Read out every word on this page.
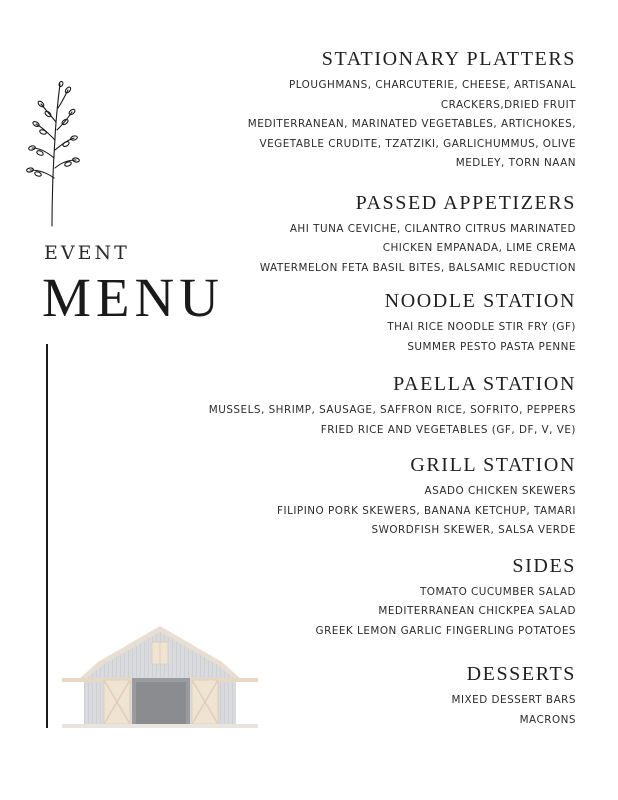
EVENT
MENU
STATIONARY PLATTERS
PLOUGHMANS, CHARCUTERIE, CHEESE, ARTISANAL
CRACKERS,DRIED FRUIT
MEDITERRANEAN, MARINATED VEGETABLES, ARTICHOKES,
VEGETABLE CRUDITE, TZATZIKI, GARLICHUMMUS, OLIVE
MEDLEY, TORN NAAN
PASSED APPETIZERS
AHI TUNA CEVICHE, CILANTRO CITRUS MARINATED
CHICKEN EMPANADA, LIME CREMA
WATERMELON FETA BASIL BITES, BALSAMIC REDUCTION
NOODLE STATION
THAI RICE NOODLE STIR FRY (GF)
SUMMER PESTO PASTA PENNE
PAELLA STATION
MUSSELS, SHRIMP, SAUSAGE, SAFFRON RICE, SOFRITO, PEPPERS
FRIED RICE AND VEGETABLES (GF, DF, V, VE)
GRILL STATION
ASADO CHICKEN SKEWERS
FILIPINO PORK SKEWERS, BANANA KETCHUP, TAMARI
SWORDFISH SKEWER, SALSA VERDE
SIDES
TOMATO CUCUMBER SALAD
MEDITERRANEAN CHICKPEA SALAD
GREEK LEMON GARLIC FINGERLING POTATOES
DESSERTS
MIXED DESSERT BARS
MACRONS
